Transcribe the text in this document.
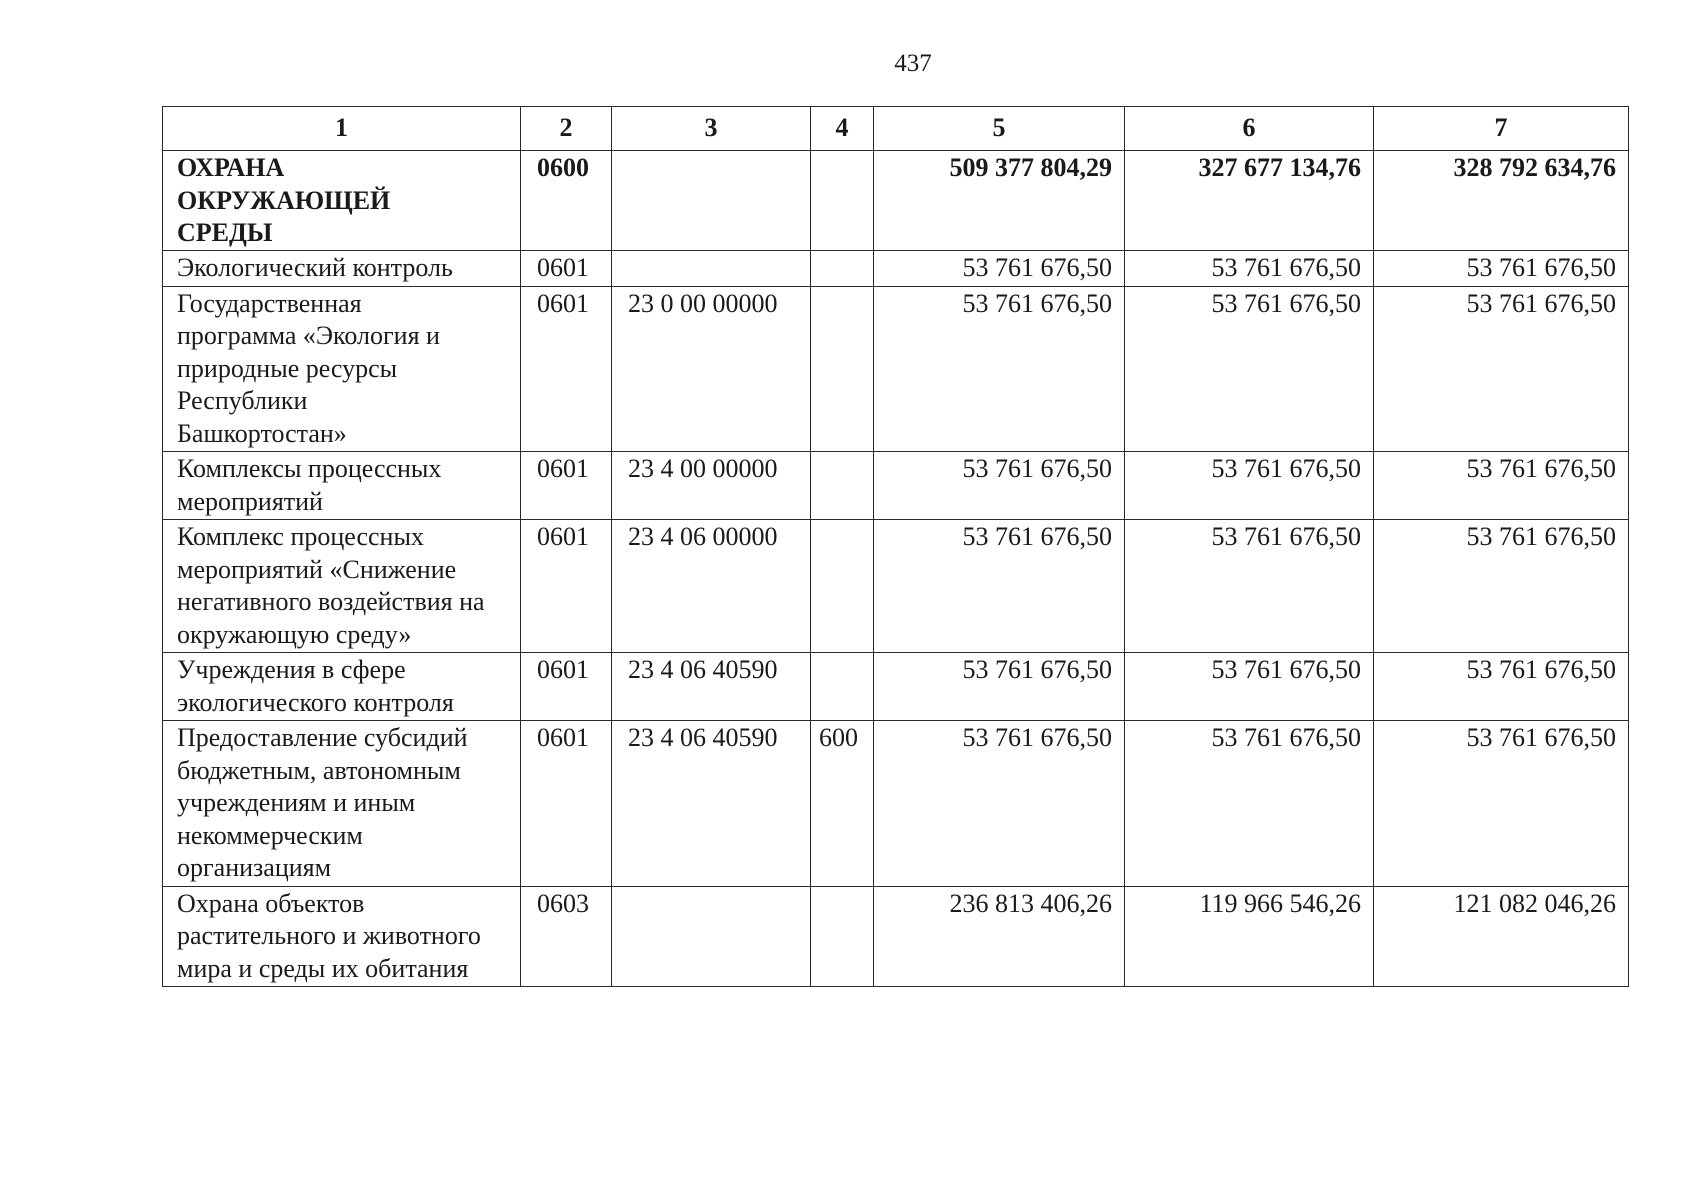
437
1	2	3	4	5	6	7
ОХРАНА ОКРУЖАЮЩЕЙ СРЕДЫ	0600			509 377 804,29	327 677 134,76	328 792 634,76
Экологический контроль	0601			53 761 676,50	53 761 676,50	53 761 676,50
Государственная программа «Экология и природные ресурсы Республики Башкортостан»	0601	23 0 00 00000		53 761 676,50	53 761 676,50	53 761 676,50
Комплексы процессных мероприятий	0601	23 4 00 00000		53 761 676,50	53 761 676,50	53 761 676,50
Комплекс процессных мероприятий «Снижение негативного воздействия на окружающую среду»	0601	23 4 06 00000		53 761 676,50	53 761 676,50	53 761 676,50
Учреждения в сфере экологического контроля	0601	23 4 06 40590		53 761 676,50	53 761 676,50	53 761 676,50
Предоставление субсидий бюджетным, автономным учреждениям и иным некоммерческим организациям	0601	23 4 06 40590	600	53 761 676,50	53 761 676,50	53 761 676,50
Охрана объектов растительного и животного мира и среды их обитания	0603			236 813 406,26	119 966 546,26	121 082 046,26
